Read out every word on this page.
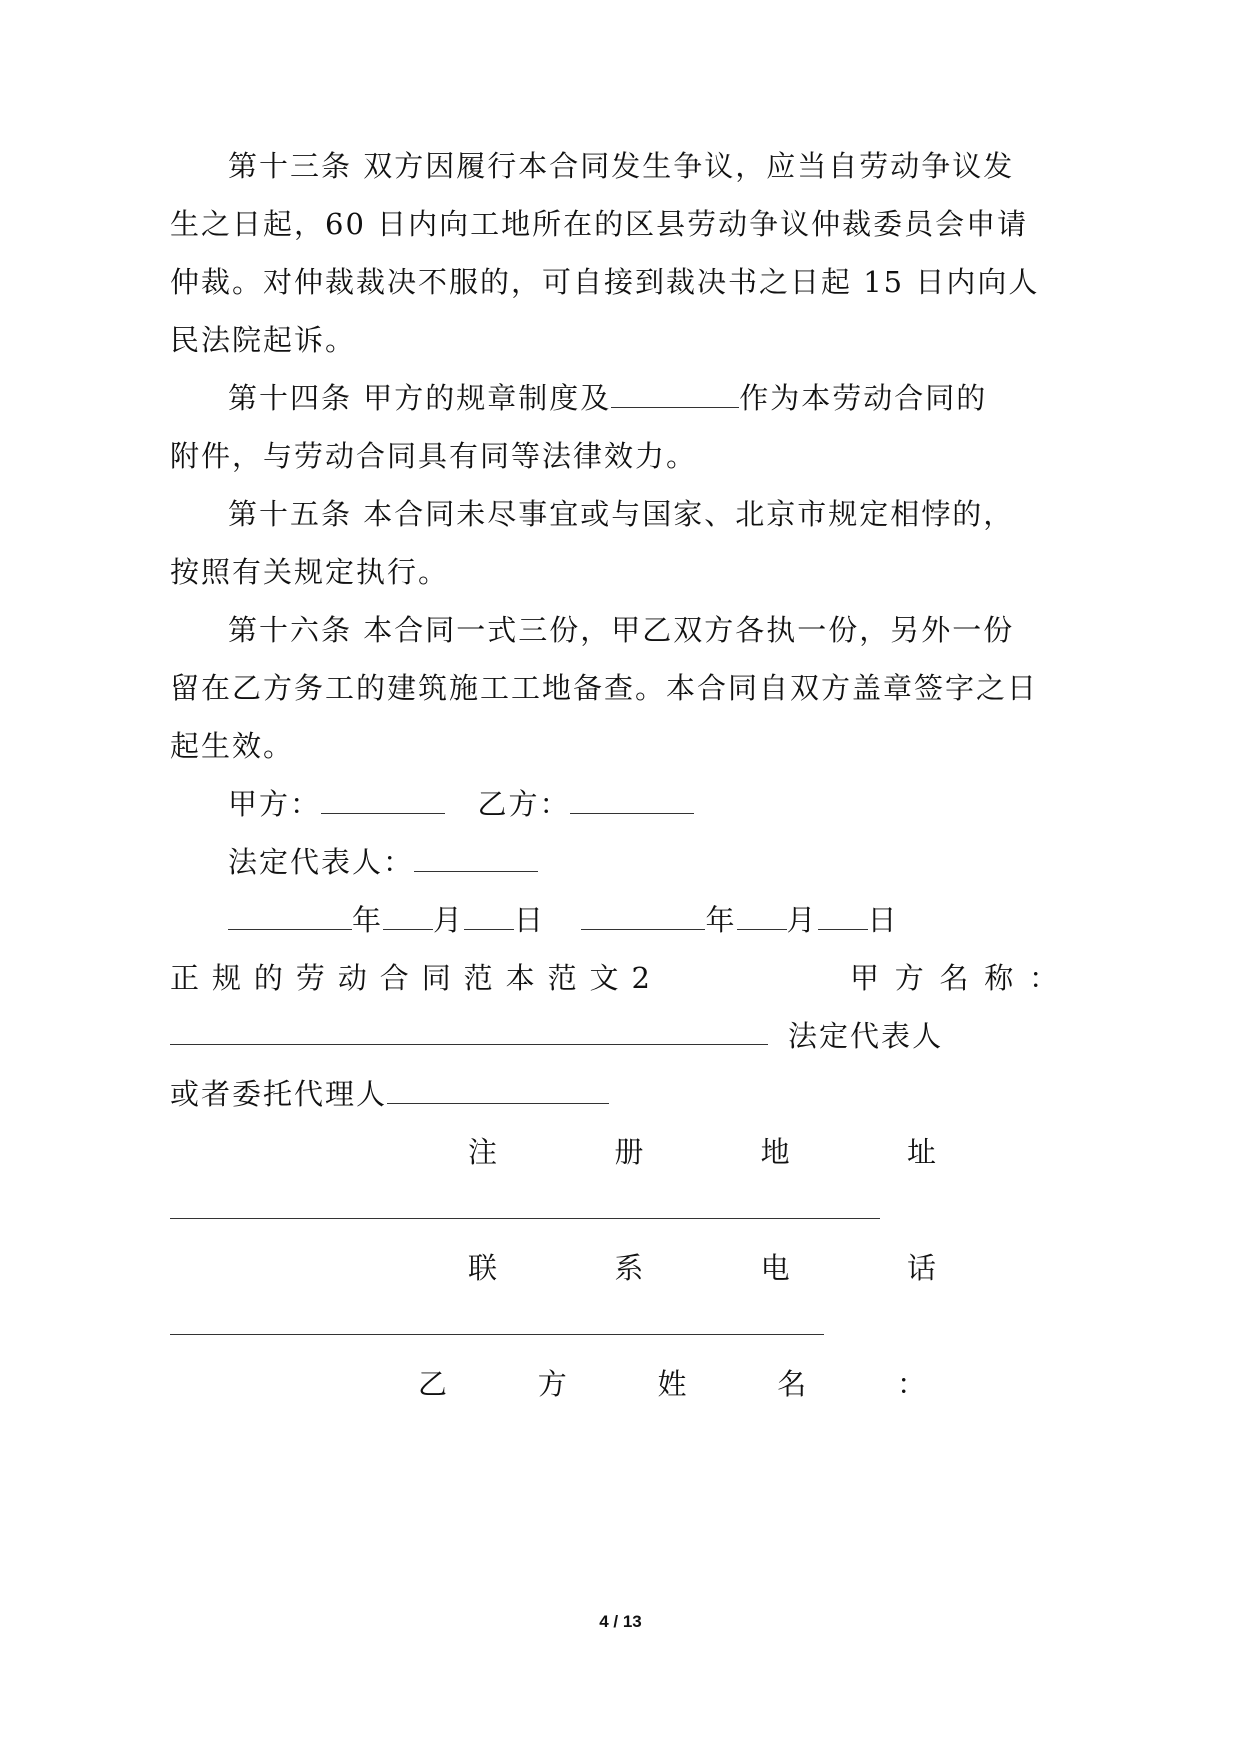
第十三条 双方因履行本合同发生争议，应当自劳动争议发
生之日起，60 日内向工地所在的区县劳动争议仲裁委员会申请
仲裁。对仲裁裁决不服的，可自接到裁决书之日起 15 日内向人
民法院起诉。
第十四条 甲方的规章制度及	作为本劳动合同的
附件，与劳动合同具有同等法律效力。
第十五条 本合同未尽事宜或与国家、北京市规定相悖的，
按照有关规定执行。
第十六条 本合同一式三份，甲乙双方各执一份，另外一份
留在乙方务工的建筑施工工地备查。本合同自双方盖章签字之日
起生效。
甲方：	乙方：
法定代表人：
年 月 日	年 月 日
正 规 的 劳 动 合 同 范 本 范 文 2	甲 方 名 称 ：
法 定 代 表 人
或者委托代理人
注	册	地	址
联	系	电	话
乙	方	姓	名	：
4 / 13
